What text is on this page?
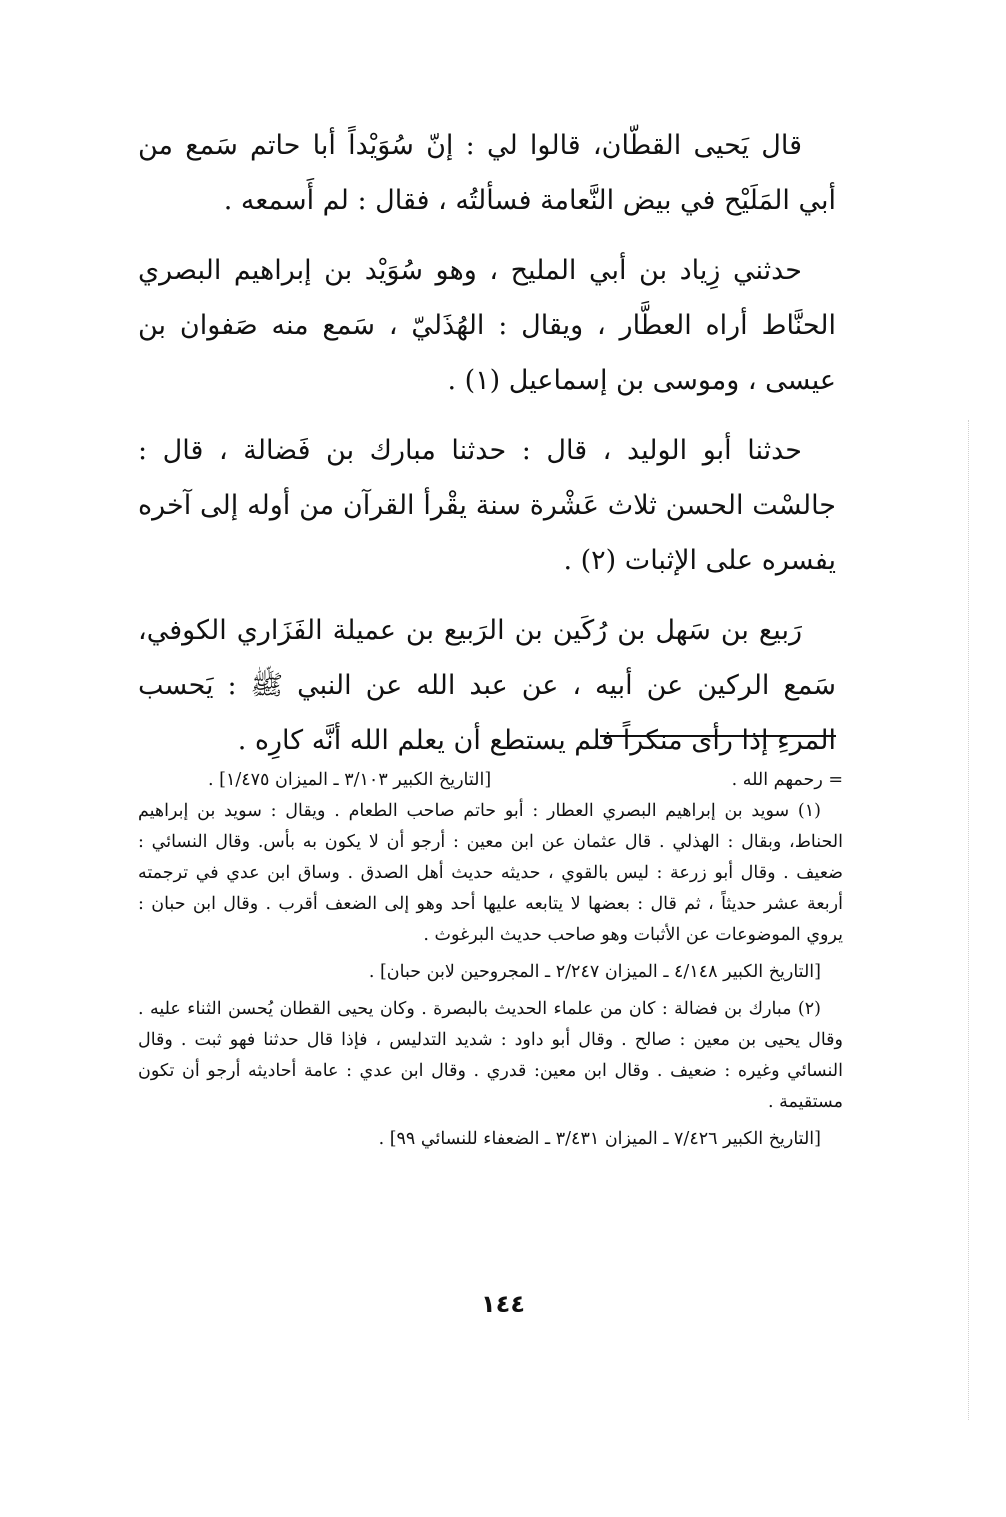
قال يَحيى القطّان، قالوا لي : إنّ سُوَيْداً أبا حاتم سَمع من أبي المَلَيْح في بيض النَّعامة فسألتُه ، فقال : لم أَسمعه .

حدثني زِياد بن أبي المليح ، وهو سُوَيْد بن إبراهيم البصري الحنَّاط أراه العطَّار ، ويقال : الهُذَليّ ، سَمع منه صَفوان بن عيسى ، وموسى بن إسماعيل (١) .

حدثنا أبو الوليد ، قال : حدثنا مبارك بن فَضالة ، قال : جالسْت الحسن ثلاث عَشْرة سنة يقْرأ القرآن من أوله إلى آخره يفسره على الإثبات (٢) .

رَبيع بن سَهل بن رُكَين بن الرَبيع بن عميلة الفَزَاري الكوفي، سَمع الركين عن أبيه ، عن عبد الله عن النبي ﷺ : يَحسب المرءِ إذا رأى منكراً فلم يستطع أن يعلم الله أنَّه كارِه .

= رحمهم الله .
[التاريخ الكبير ٣/١٠٣ ـ الميزان ١/٤٧٥] .

(١) سويد بن إبراهيم البصري العطار : أبو حاتم صاحب الطعام . ويقال : سويد بن إبراهيم الحناط، وبقال : الهذلي . قال عثمان عن ابن معين : أرجو أن لا يكون به بأس. وقال النسائي : ضعيف . وقال أبو زرعة : ليس بالقوي ، حديثه حديث أهل الصدق . وساق ابن عدي في ترجمته أربعة عشر حديثاً ، ثم قال : بعضها لا يتابعه عليها أحد وهو إلى الضعف أقرب . وقال ابن حبان : يروي الموضوعات عن الأثبات وهو صاحب حديث البرغوث .

[التاريخ الكبير ٤/١٤٨ ـ الميزان ٢/٢٤٧ ـ المجروحين لابن حبان] .

(٢) مبارك بن فضالة : كان من علماء الحديث بالبصرة . وكان يحيى القطان يُحسن الثناء عليه . وقال يحيى بن معين : صالح . وقال أبو داود : شديد التدليس ، فإذا قال حدثنا فهو ثبت . وقال النسائي وغيره : ضعيف . وقال ابن معين: قدري . وقال ابن عدي : عامة أحاديثه أرجو أن تكون مستقيمة .

[التاريخ الكبير ٧/٤٢٦ ـ الميزان ٣/٤٣١ ـ الضعفاء للنسائي ٩٩] .

١٤٤
